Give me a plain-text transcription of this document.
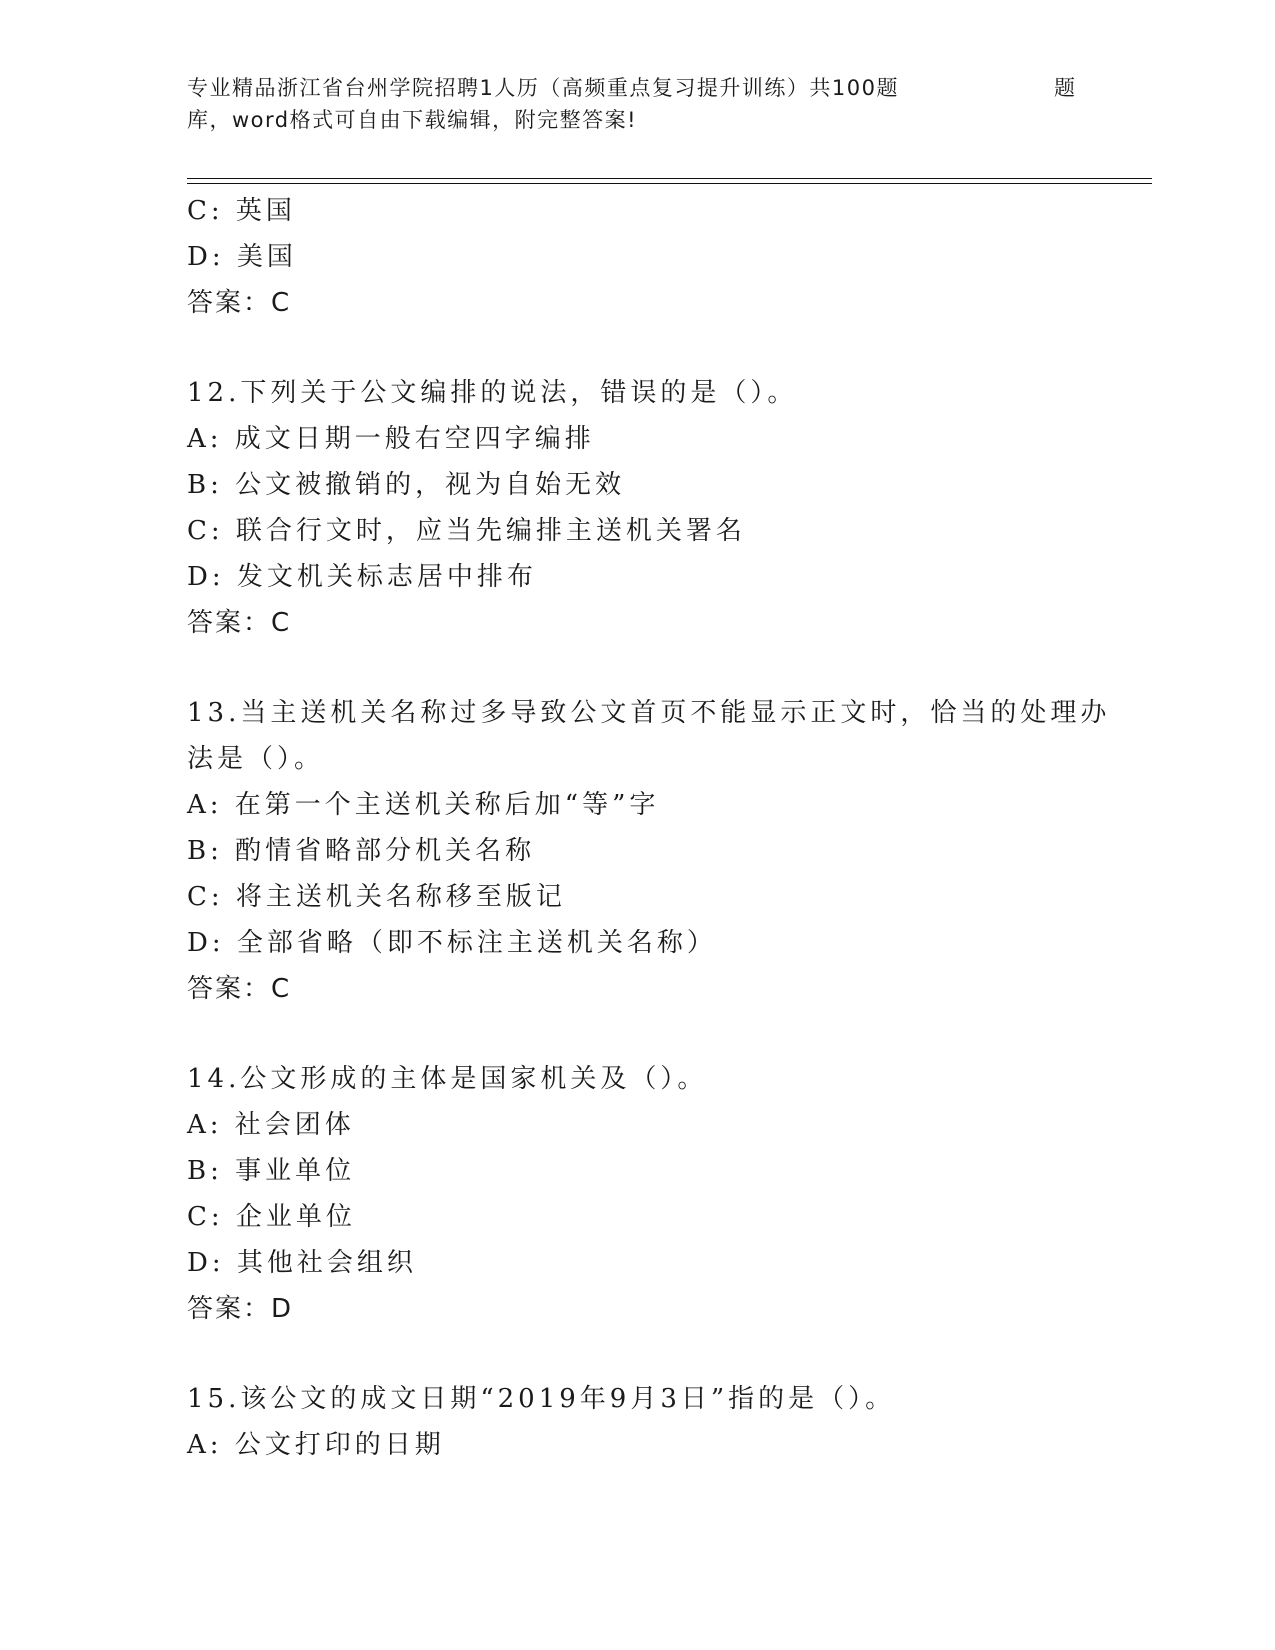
专业精品浙江省台州学院招聘1人历（高频重点复习提升训练）共100题	题
库，word格式可自由下载编辑，附完整答案!
C: 英国
D: 美国
答案：C
12.下列关于公文编排的说法，错误的是（）。
A: 成文日期一般右空四字编排
B: 公文被撤销的，视为自始无效
C: 联合行文时，应当先编排主送机关署名
D: 发文机关标志居中排布
答案：C
13.当主送机关名称过多导致公文首页不能显示正文时，恰当的处理办
法是（）。
A: 在第一个主送机关称后加“等”字
B: 酌情省略部分机关名称
C: 将主送机关名称移至版记
D: 全部省略（即不标注主送机关名称）
答案：C
14.公文形成的主体是国家机关及（）。
A: 社会团体
B: 事业单位
C: 企业单位
D: 其他社会组织
答案：D
15.该公文的成文日期“2019年9月3日”指的是（）。
A: 公文打印的日期
